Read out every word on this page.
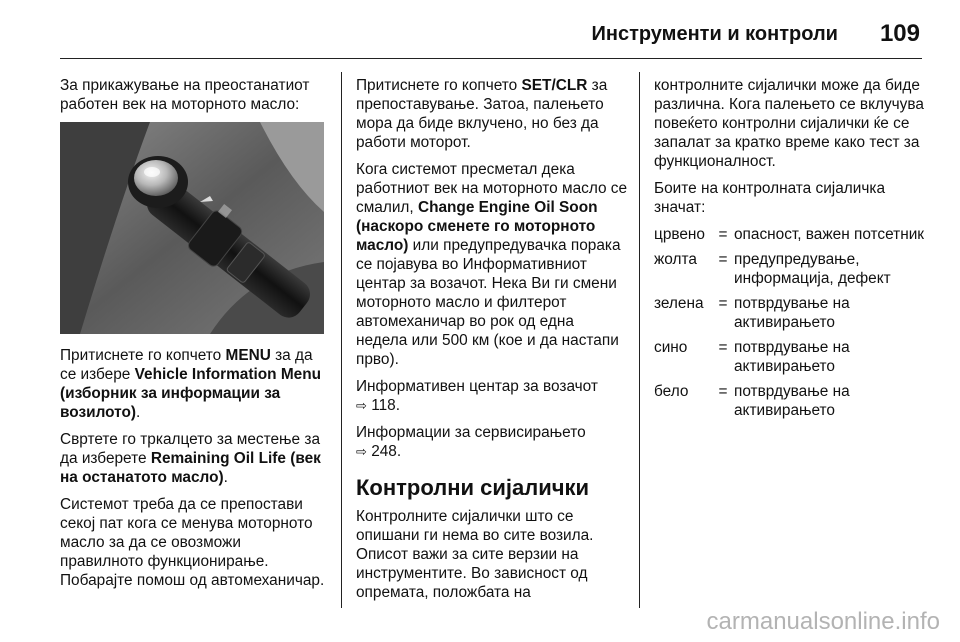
Инструменти и контроли 109

За прикажување на преостанатиот работен век на моторното масло:

Притиснете го копчето MENU за да се изберe Vehicle Information Menu (изборник за информации за возилото).

Свртете го тркалцето за местење за да изберете Remaining Oil Life (век на останатото масло).

Системот треба да се препостави секој пат кога се менува моторното масло за да се овозможи правилното функционирање. Побарајте помош од автомеханичар.

Притиснете го копчето SET/CLR за препоставување. Затоа, палењето мора да биде вклучено, но без да работи моторот.

Кога системот пресметал дека работниот век на моторното масло се смалил, Change Engine Oil Soon (наскоро сменете го моторното масло) или предупредувачка порака се појавува во Информативниот центар за возачот. Нека Ви ги смени моторното масло и филтерот автомеханичар во рок од една недела или 500 км (кое и да настапи прво).

Информативен центар за возачот
⇨ 118.

Информации за сервисирањето
⇨ 248.

Контролни сијалички

Контролните сијалички што се опишани ги нема во сите возила. Описот важи за сите верзии на инструментите. Во зависност од опремата, положбата на

контролните сијалички може да биде различна. Кога палењето се вклучува повеќето контролни сијалички ќе се запалат за кратко време како тест за функционалност.

Боите на контролната сијаличка значат:

црвено	=	опасност, важен потсетник
жолта	=	предупредување, информација, дефект
зелена	=	потврдување на активирањето
сино	=	потврдување на активирањето
бело	=	потврдување на активирањето
carmanualsonline.info
